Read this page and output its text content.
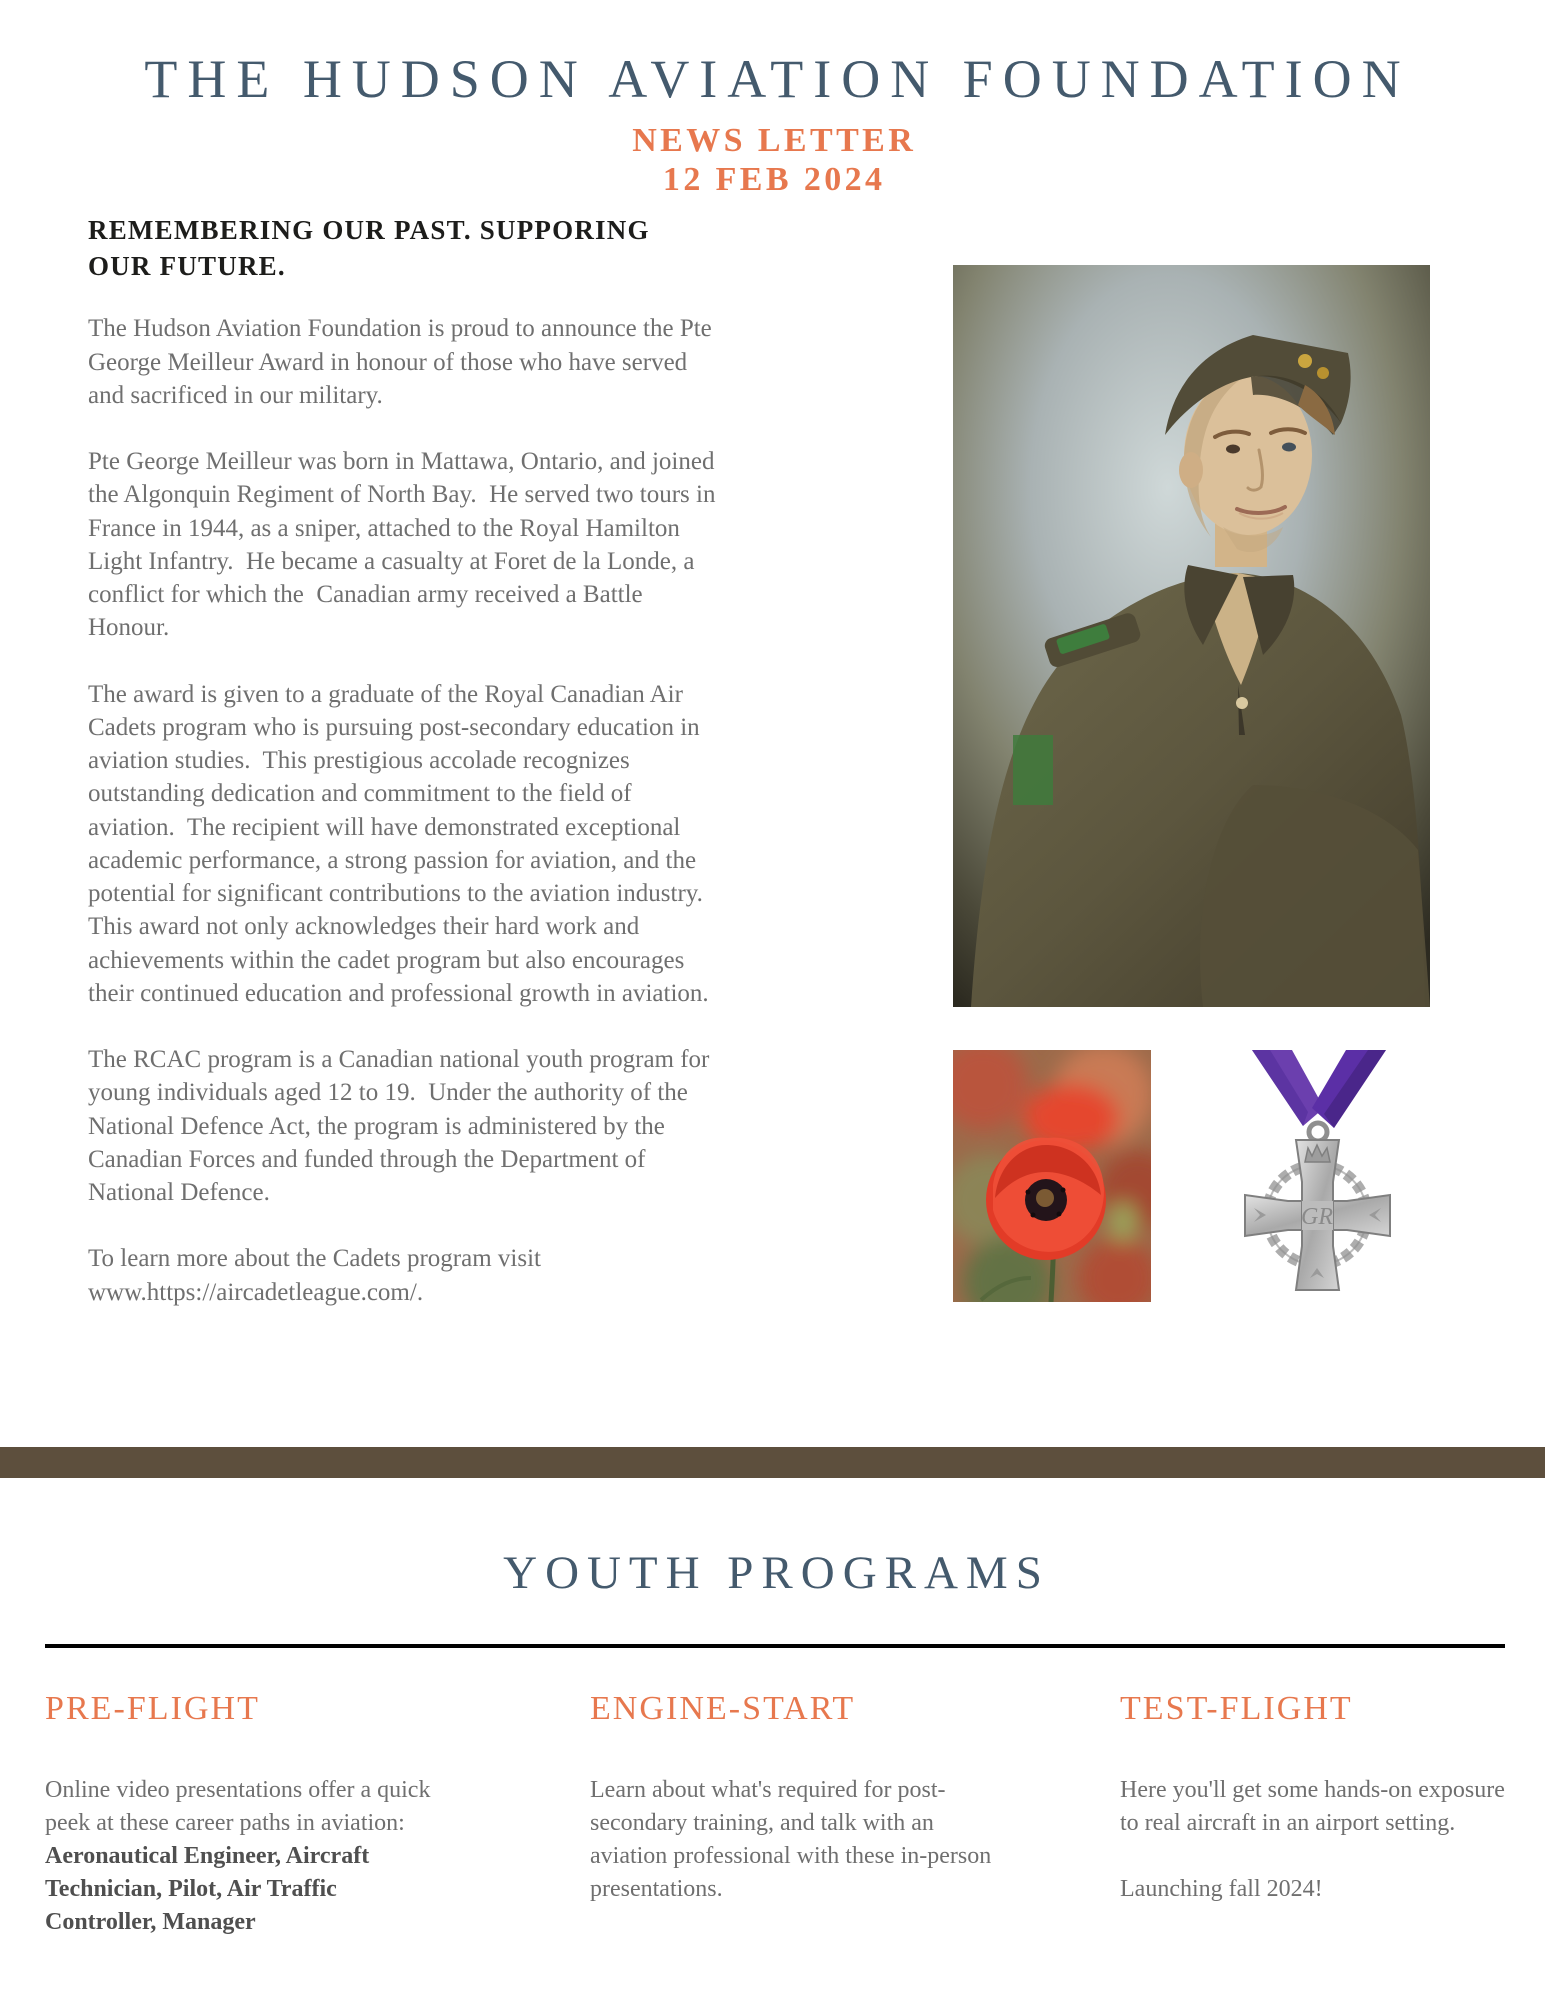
THE HUDSON AVIATION FOUNDATION
NEWS LETTER
12 FEB 2024
REMEMBERING OUR PAST. SUPPORING OUR FUTURE.

The Hudson Aviation Foundation is proud to announce the Pte George Meilleur Award in honour of those who have served and sacrificed in our military.

Pte George Meilleur was born in Mattawa, Ontario, and joined the Algonquin Regiment of North Bay.  He served two tours in France in 1944, as a sniper, attached to the Royal Hamilton Light Infantry.  He became a casualty at Foret de la Londe, a conflict for which the  Canadian army received a Battle Honour.

The award is given to a graduate of the Royal Canadian Air Cadets program who is pursuing post-secondary education in aviation studies.  This prestigious accolade recognizes outstanding dedication and commitment to the field of aviation.  The recipient will have demonstrated exceptional academic performance, a strong passion for aviation, and the potential for significant contributions to the aviation industry.  This award not only acknowledges their hard work and achievements within the cadet program but also encourages their continued education and professional growth in aviation.

The RCAC program is a Canadian national youth program for young individuals aged 12 to 19.  Under the authority of the National Defence Act, the program is administered by the Canadian Forces and funded through the Department of National Defence.

To learn more about the Cadets program visit www.https://aircadetleague.com/.

GR
YOUTH PROGRAMS
PRE-FLIGHT

Online video presentations offer a quick peek at these career paths in aviation: Aeronautical Engineer, Aircraft Technician, Pilot, Air Traffic Controller, Manager

ENGINE-START

Learn about what's required for post-secondary training, and talk with an aviation professional with these in-person presentations.

TEST-FLIGHT

Here you'll get some hands-on exposure to real aircraft in an airport setting.

Launching fall 2024!
